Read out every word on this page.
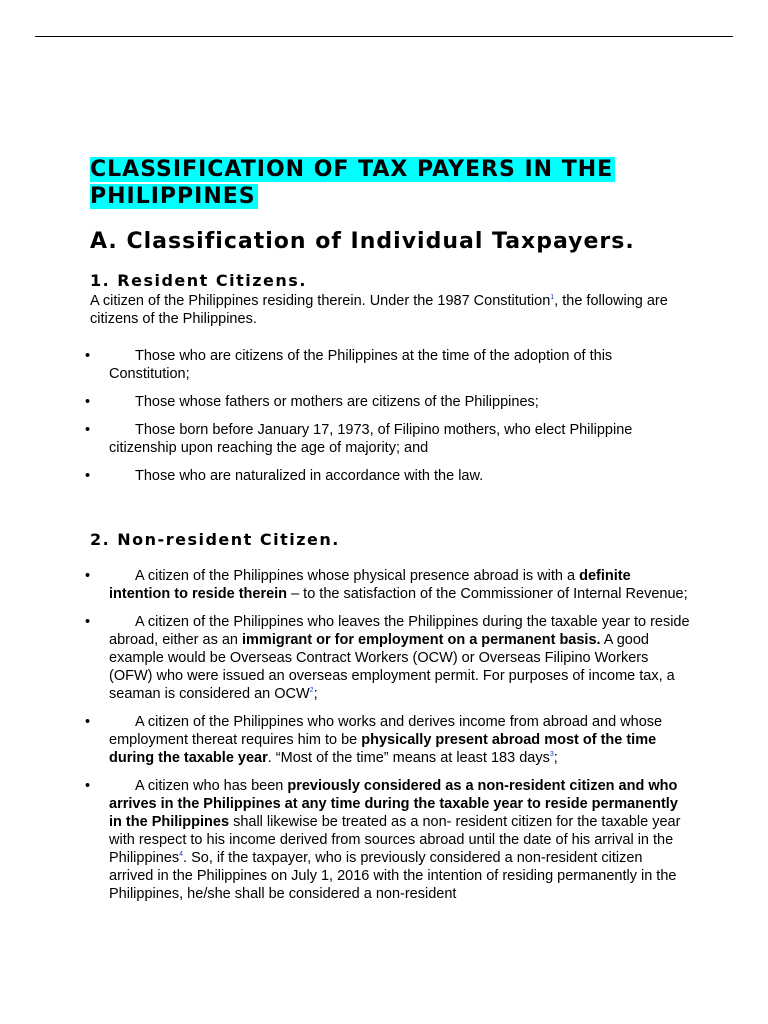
CLASSIFICATION OF TAX PAYERS IN THE
PHILIPPINES
A. Classification of Individual Taxpayers.
1. Resident Citizens.

A citizen of the Philippines residing therein. Under the 1987 Constitution$^1$, the following are citizens of the Philippines.

•	Those who are citizens of the Philippines at the time of the adoption of this Constitution;
•	Those whose fathers or mothers are citizens of the Philippines;
•	Those born before January 17, 1973, of Filipino mothers, who elect Philippine citizenship upon reaching the age of majority; and
•	Those who are naturalized in accordance with the law.
2. Non-resident Citizen.
•	A citizen of the Philippines whose physical presence abroad is with a definite intention to reside therein – to the satisfaction of the Commissioner of Internal Revenue;
•	A citizen of the Philippines who leaves the Philippines during the taxable year to reside abroad, either as an immigrant or for employment on a permanent basis. A good example would be Overseas Contract Workers (OCW) or Overseas Filipino Workers (OFW) who were issued an overseas employment permit. For purposes of income tax, a seaman is considered an OCW$^2$;
•	A citizen of the Philippines who works and derives income from abroad and whose employment thereat requires him to be physically present abroad most of the time during the taxable year. “Most of the time” means at least 183 days$^3$;
•	A citizen who has been previously considered as a non-resident citizen and who arrives in the Philippines at any time during the taxable year to reside permanently in the Philippines shall likewise be treated as a non- resident citizen for the taxable year with respect to his income derived from sources abroad until the date of his arrival in the Philippines$^4$. So, if the taxpayer, who is previously considered a non-resident citizen arrived in the Philippines on July 1, 2016 with the intention of residing permanently in the Philippines, he/she shall be considered a non-resident
